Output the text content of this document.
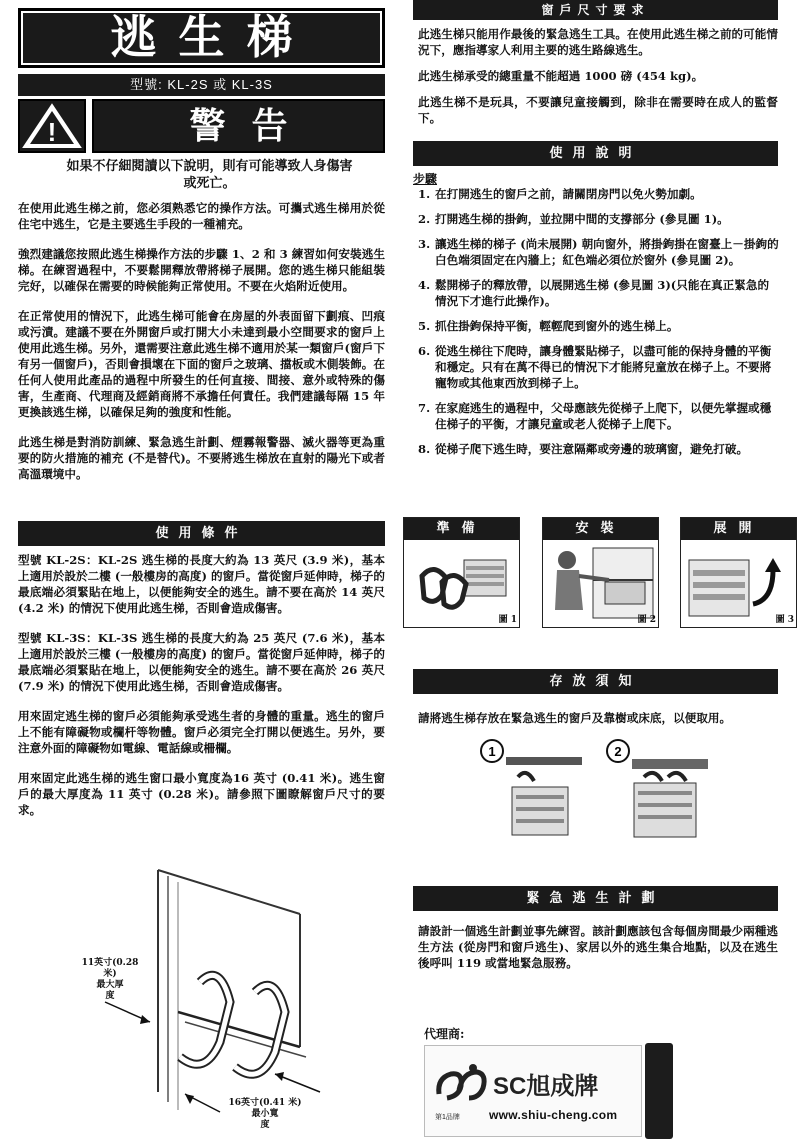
逃生梯
型號: KL-2S 或 KL-3S
!	警告
如果不仔細閱讀以下說明，則有可能導致人身傷害或死亡。

在使用此逃生梯之前，您必須熟悉它的操作方法。可攜式逃生梯用於從住宅中逃生，它是主要逃生手段的一種補充。

強烈建議您按照此逃生梯操作方法的步驟 1、2 和 3 練習如何安裝逃生梯。在練習過程中，不要鬆開釋放帶將梯子展開。您的逃生梯只能組裝完好，以確保在需要的時候能夠正常使用。不要在火焰附近使用。

在正常使用的情況下，此逃生梯可能會在房屋的外表面留下劃痕、凹痕或污漬。建議不要在外開窗戶或打開大小未達到最小空間要求的窗戶上使用此逃生梯。另外，還需要注意此逃生梯不適用於某一類窗戶(窗戶下有另一個窗戶)，否則會損壞在下面的窗戶之玻璃、擋板或木側裝飾。在任何人使用此產品的過程中所發生的任何直接、間接、意外或特殊的傷害，生產商、代理商及經銷商將不承擔任何責任。我們建議每隔 15 年更換該逃生梯，以確保足夠的強度和性能。

此逃生梯是對消防訓練、緊急逃生計劃、煙霧報警器、滅火器等更為重要的防火措施的補充 (不是替代)。不要將逃生梯放在直射的陽光下或者高溫環境中。

使用條件

型號 KL-2S：KL-2S 逃生梯的長度大約為 13 英尺 (3.9 米)，基本上適用於設於二樓 (一般樓房的高度) 的窗戶。當從窗戶延伸時，梯子的最底端必須緊貼在地上，以便能夠安全的逃生。請不要在高於 14 英尺 (4.2 米) 的情況下使用此逃生梯，否則會造成傷害。

型號 KL-3S：KL-3S 逃生梯的長度大約為 25 英尺 (7.6 米)，基本上適用於設於三樓 (一般樓房的高度) 的窗戶。當從窗戶延伸時，梯子的最底端必須緊貼在地上，以便能夠安全的逃生。請不要在高於 26 英尺 (7.9 米) 的情況下使用此逃生梯，否則會造成傷害。

用來固定逃生梯的窗戶必須能夠承受逃生者的身體的重量。逃生的窗戶上不能有障礙物或欄杆等物體。窗戶必須完全打開以便逃生。另外，要注意外面的障礙物如電線、電話線或柵欄。

用來固定此逃生梯的逃生窗口最小寬度為16 英寸 (0.41 米)。逃生窗戶的最大厚度為 11 英寸 (0.28 米)。請參照下圖瞭解窗戶尺寸的要求。

11英寸(0.28 米)
最大厚度
16英寸(0.41 米)
最小寬度
窗戶尺寸要求

此逃生梯只能用作最後的緊急逃生工具。在使用此逃生梯之前的可能情況下，應指導家人利用主要的逃生路線逃生。

此逃生梯承受的總重量不能超過 1000 磅 (454 kg)。

此逃生梯不是玩具，不要讓兒童接觸到，除非在需要時在成人的監督下。

使用說明
步驟
1. 在打開逃生的窗戶之前，請關閉房門以免火勢加劇。
2. 打開逃生梯的掛鉤，並拉開中間的支撐部分 (參見圖 1)。
3. 讓逃生梯的梯子 (尚未展開) 朝向窗外，將掛鉤掛在窗臺上－掛鉤的白色端須固定在內牆上；紅色端必須位於窗外 (參見圖 2)。
4. 鬆開梯子的釋放帶，以展開逃生梯 (參見圖 3)(只能在真正緊急的情況下才進行此操作)。
5. 抓住掛鉤保持平衡，輕輕爬到窗外的逃生梯上。
6. 從逃生梯往下爬時，讓身體緊貼梯子，以盡可能的保持身體的平衡和穩定。只有在萬不得已的情況下才能將兒童放在梯子上。不要將寵物或其他東西放到梯子上。
7. 在家庭逃生的過程中，父母應該先從梯子上爬下，以便先掌握或穩住梯子的平衡，才讓兒童或老人從梯子上爬下。
8. 從梯子爬下逃生時，要注意隔鄰或旁邊的玻璃窗，避免打破。
準備
圖 1
安裝
圖 2
展開
圖 3
存放須知
請將逃生梯存放在緊急逃生的窗戶及靠樹或床底，以便取用。
1	2
緊急逃生計劃
請設計一個逃生計劃並事先練習。該計劃應該包含每個房間最少兩種逃生方法 (從房門和窗戶逃生)、家居以外的逃生集合地點，以及在逃生後呼叫 119 或當地緊急服務。
代理商:
第1品牌
SC旭成牌
www.shiu-cheng.com
